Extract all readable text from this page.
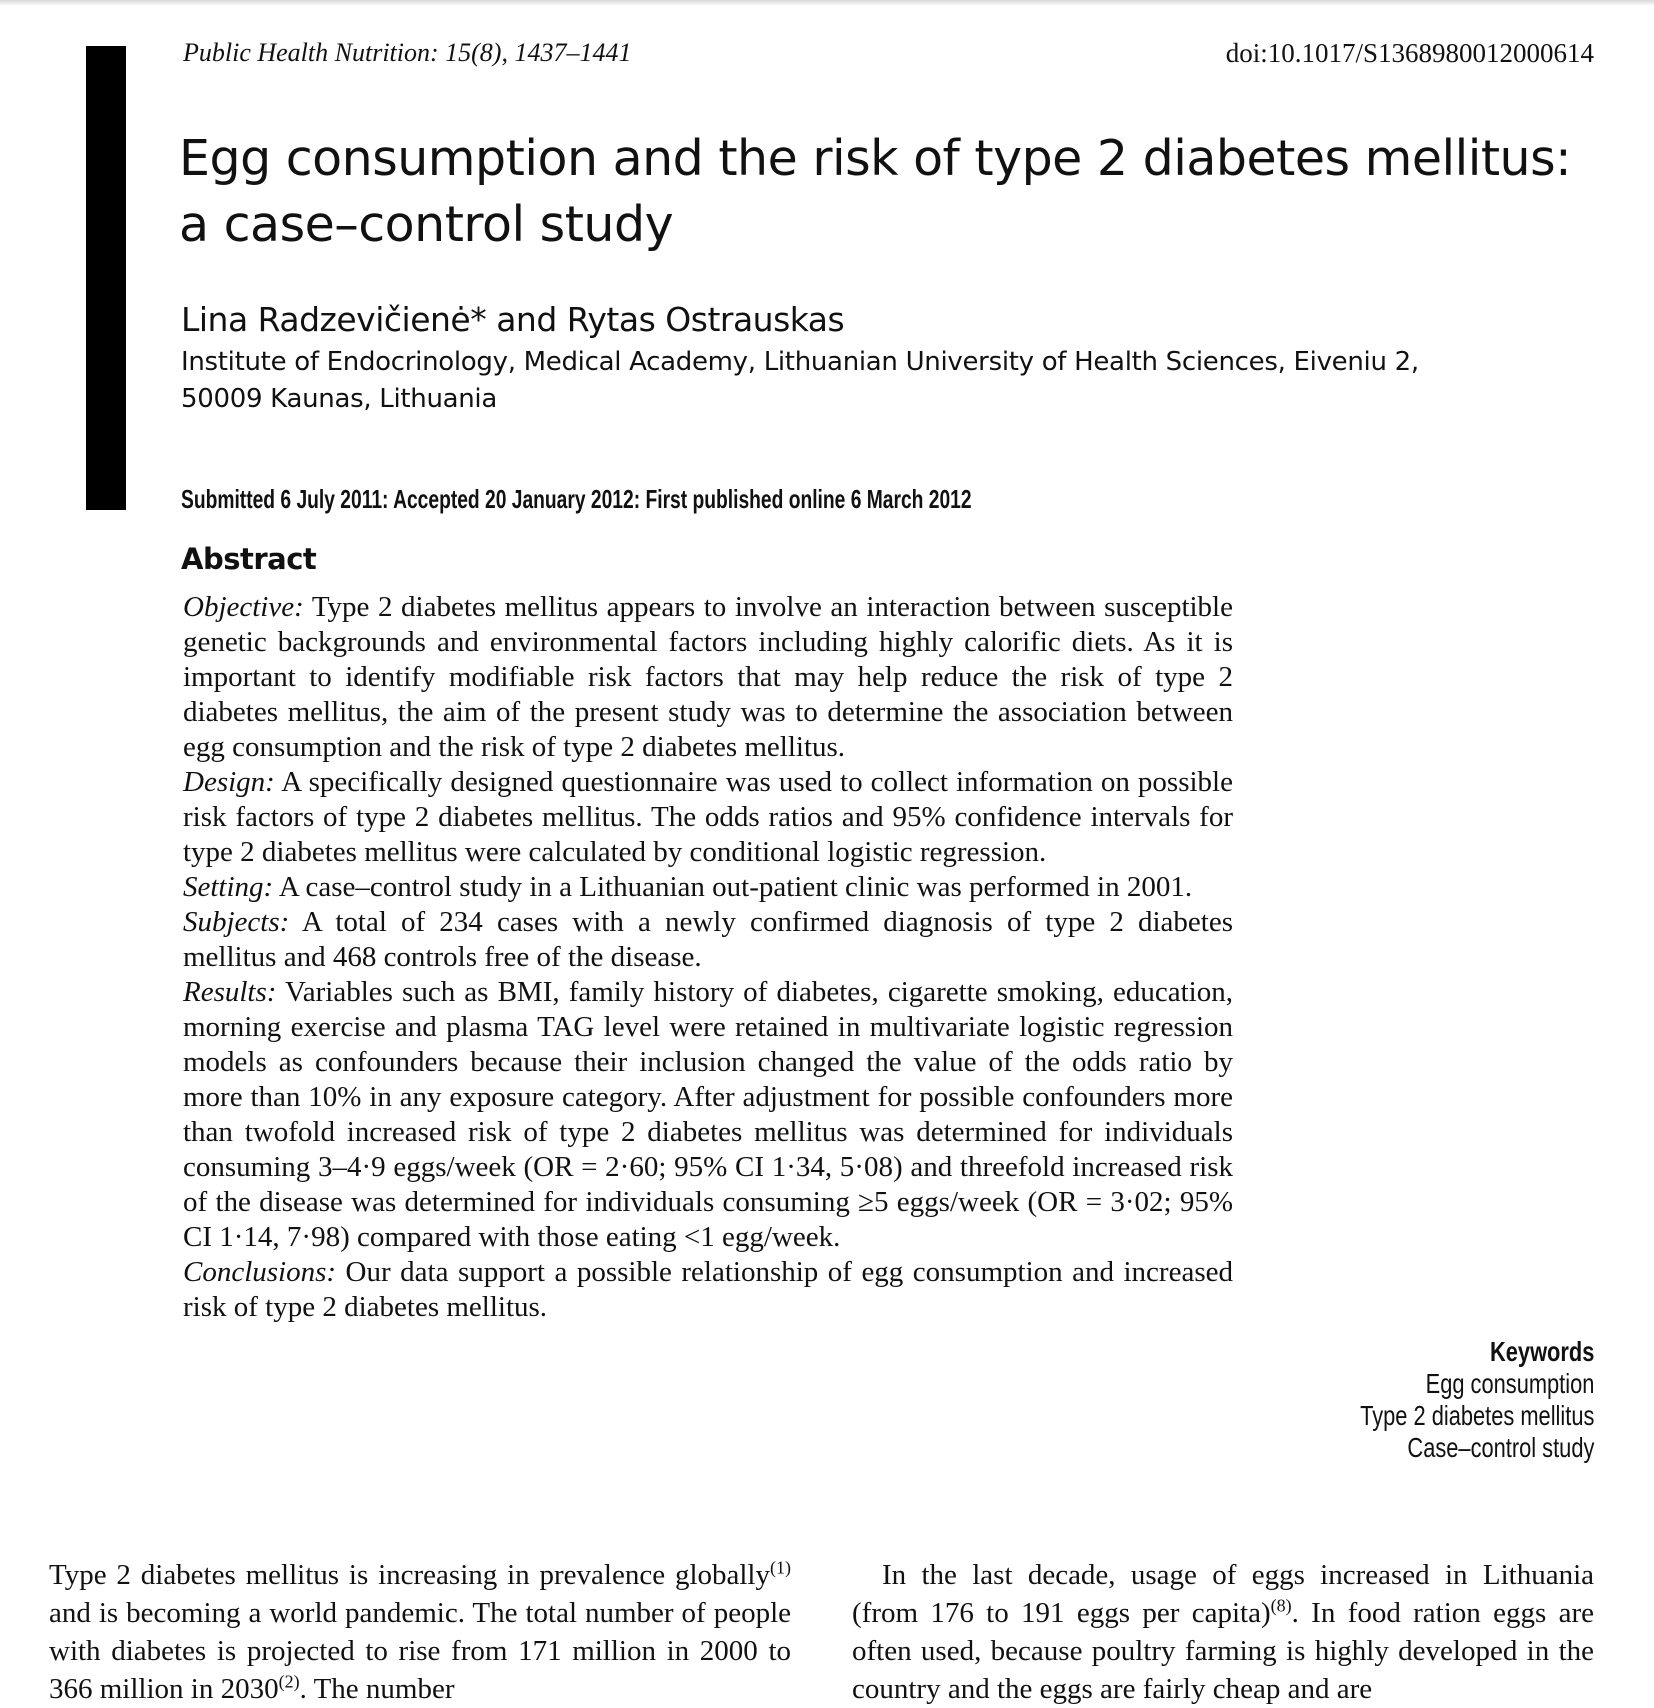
Public Health Nutrition: 15(8), 1437–1441	doi:10.1017/S1368980012000614
Egg consumption and the risk of type 2 diabetes mellitus:
a case–control study
Lina Radzevičienė* and Rytas Ostrauskas
Institute of Endocrinology, Medical Academy, Lithuanian University of Health Sciences, Eiveniu 2,
50009 Kaunas, Lithuania
Submitted 6 July 2011: Accepted 20 January 2012: First published online 6 March 2012
Abstract

Objective: Type 2 diabetes mellitus appears to involve an interaction between susceptible genetic backgrounds and environmental factors including highly calorific diets. As it is important to identify modifiable risk factors that may help reduce the risk of type 2 diabetes mellitus, the aim of the present study was to determine the association between egg consumption and the risk of type 2 diabetes mellitus.

Design: A specifically designed questionnaire was used to collect information on possible risk factors of type 2 diabetes mellitus. The odds ratios and 95% confidence intervals for type 2 diabetes mellitus were calculated by conditional logistic regression.

Setting: A case–control study in a Lithuanian out-patient clinic was performed in 2001.

Subjects: A total of 234 cases with a newly confirmed diagnosis of type 2 diabetes mellitus and 468 controls free of the disease.

Results: Variables such as BMI, family history of diabetes, cigarette smoking, education, morning exercise and plasma TAG level were retained in multivariate logistic regression models as confounders because their inclusion changed the value of the odds ratio by more than 10% in any exposure category. After adjustment for possible confounders more than twofold increased risk of type 2 diabetes mellitus was determined for individuals consuming 3–4·9 eggs/week (OR = 2·60; 95% CI 1·34, 5·08) and threefold increased risk of the disease was determined for individuals consuming ≥5 eggs/week (OR = 3·02; 95% CI 1·14, 7·98) compared with those eating <1 egg/week.

Conclusions: Our data support a possible relationship of egg consumption and increased risk of type 2 diabetes mellitus.

Keywords
Egg consumption
Type 2 diabetes mellitus
Case–control study

Type 2 diabetes mellitus is increasing in prevalence globally$^{(1)}$ and is becoming a world pandemic. The total number of people with diabetes is projected to rise from 171 million in 2000 to 366 million in 2030$^{(2)}$. The number

In the last decade, usage of eggs increased in Lithuania (from 176 to 191 eggs per capita)$^{(8)}$. In food ration eggs are often used, because poultry farming is highly developed in the country and the eggs are fairly cheap and are
